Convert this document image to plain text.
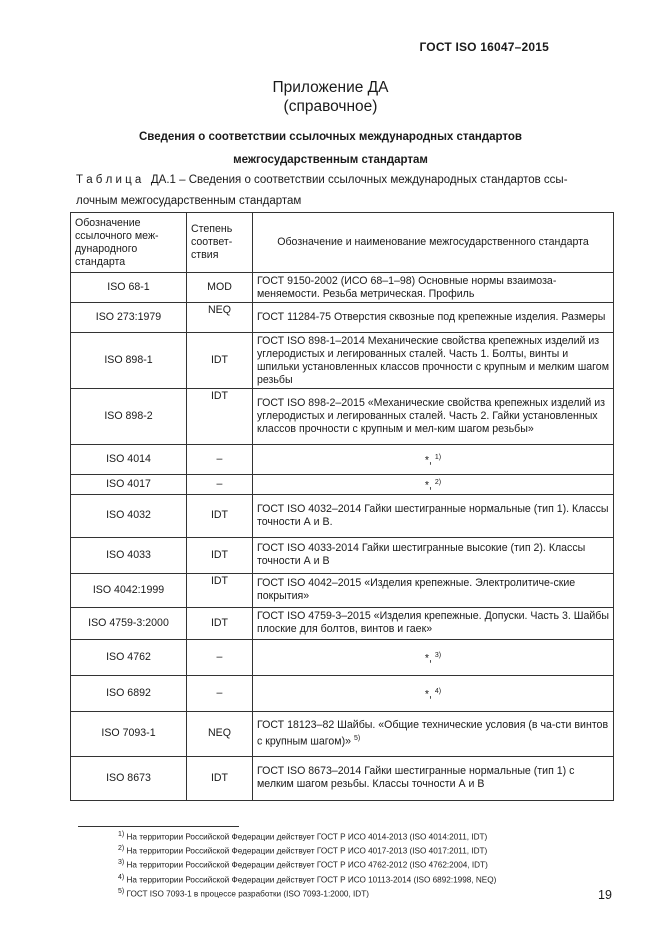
ГОСТ ISO 16047–2015
Приложение ДА
(справочное)
Сведения о соответствии ссылочных международных стандартов
межгосударственным стандартам
Т а б л и ц а   ДА.1 – Сведения о соответствии ссылочных международных стандартов ссы-
лочным межгосударственным стандартам
Обозначение ссылочного меж-дународного стандарта	Степень соответ-ствия	Обозначение и наименование межгосударственного стандарта
ISO 68-1	MOD	ГОСТ 9150-2002 (ИСО 68–1–98) Основные нормы взаимоза-меняемости. Резьба метрическая. Профиль
ISO 273:1979	NEQ	ГОСТ 11284-75 Отверстия сквозные под крепежные изделия. Размеры
ISO 898-1	IDT	ГОСТ ISO 898-1–2014 Механические свойства крепежных изделий из углеродистых и легированных сталей. Часть 1. Болты, винты и шпильки установленных классов прочности с крупным и мелким шагом резьбы
ISO 898-2	IDT	ГОСТ ISO 898-2–2015 «Механические свойства крепежных изделий из углеродистых и легированных сталей. Часть 2. Гайки установленных классов прочности с крупным и мел-ким шагом резьбы»
ISO 4014	–	*, $^{1)}$
ISO 4017	–	*, $^{2)}$
ISO 4032	IDT	ГОСТ ISO 4032–2014 Гайки шестигранные нормальные (тип 1). Классы точности А и В.
ISO 4033	IDT	ГОСТ ISO 4033-2014 Гайки шестигранные высокие (тип 2). Классы точности А и В
ISO 4042:1999	IDT	ГОСТ ISO 4042–2015 «Изделия крепежные. Электролитиче-ские покрытия»
ISO 4759-3:2000	IDT	ГОСТ ISO 4759-3–2015 «Изделия крепежные. Допуски. Часть 3. Шайбы плоские для болтов, винтов и гаек»
ISO 4762	–	*, $^{3)}$
ISO 6892	–	*, $^{4)}$
ISO 7093-1	NEQ	ГОСТ 18123–82 Шайбы. «Общие технические условия (в ча-сти винтов с крупным шагом)» $^{5)}$
ISO 8673	IDT	ГОСТ ISO 8673–2014 Гайки шестигранные нормальные (тип 1) с мелким шагом резьбы. Классы точности А и В
$^{1)}$ На территории Российской Федерации действует ГОСТ Р ИСО 4014-2013 (ISO 4014:2011, IDT)
$^{2)}$ На территории Российской Федерации действует ГОСТ Р ИСО 4017-2013 (ISO 4017:2011, IDT)
$^{3)}$ На территории Российской Федерации действует ГОСТ Р ИСО 4762-2012 (ISO 4762:2004, IDT)
$^{4)}$ На территории Российской Федерации действует ГОСТ Р ИСО 10113-2014 (ISO 6892:1998, NEQ)
$^{5)}$ ГОСТ ISO 7093-1 в процессе разработки (ISO 7093-1:2000, IDT)	19
